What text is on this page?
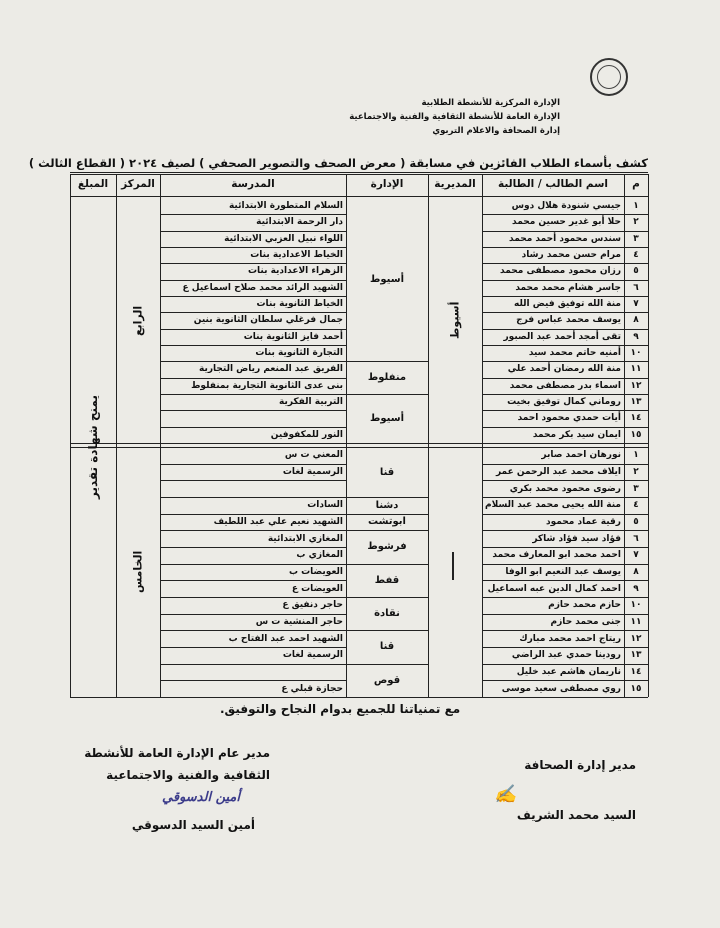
الإدارة المركزية للأنشطة الطلابية
الإدارة العامة للأنشطة الثقافية والفنية والاجتماعية
إدارة الصحافة والاعلام التربوي
كشف بأسماء الطلاب الفائزين في مسابقة ( معرض الصحف والتصوير الصحفي ) لصيف ٢٠٢٤ ( القطاع الثالث )
م
اسم الطالب / الطالبة
المديرية
الإدارة
المدرسة
المركز
المبلغ
١
جيسي شنودة هلال دوس
السلام المتطورة الابتدائية
٢
حلا أبو غدير حسين محمد
دار الرحمة الابتدائية
٣
سندس محمود أحمد محمد
اللواء نبيل العزبي الابتدائية
٤
مرام حسن محمد رشاد
الخياط الاعدادية بنات
٥
رزان محمود مصطفى محمد
الزهراء الاعدادية بنات
٦
جاسر هشام محمد محمد
الشهيد الرائد محمد صلاح اسماعيل ع
٧
منة الله توفيق فيض الله
الخياط الثانوية بنات
٨
يوسف محمد عباس فرج
جمال فرغلي سلطان الثانوية بنين
٩
تقى أمجد أحمد عبد الصبور
أحمد فايز الثانوية بنات
١٠
أمنيه حاتم محمد سيد
التجارة الثانوية بنات
١١
منة الله رمضان أحمد علي
الفريق عبد المنعم رياض التجارية
١٢
اسماء بدر مصطفى محمد
بنى عدى الثانوية التجارية بمنفلوط
١٣
روماني كمال توفيق بخيت
التربية الفكرية
١٤
أيات حمدي محمود احمد
١٥
ايمان سيد بكر محمد
النور للمكفوفين
١
نورهان احمد صابر
المعني ت س
٢
ايلاف محمد عبد الرحمن عمر
الرسمية لغات
٣
رضوى محمود محمد بكري
٤
منة الله يحيى محمد عبد السلام
السادات
٥
رقية عماد محمود
الشهيد نعيم علي عبد اللطيف
٦
فؤاد سيد فؤاد شاكر
المغازي الابتدائية
٧
احمد محمد ابو المعارف محمد
المغازي ب
٨
يوسف عبد النعيم ابو الوفا
العويضات ب
٩
احمد كمال الدين عبه اسماعيل
العويضات ع
١٠
حازم محمد حازم
حاجر دنفيق ع
١١
جنى محمد حازم
حاجر المنشية ت س
١٢
ريتاج احمد محمد مبارك
الشهيد احمد عبد الفتاح ب
١٣
رودينا حمدي عبد الراضي
الرسمية لغات
١٤
ناريمان هاشم عبد خليل
١٥
روي مصطفى سعيد موسى
حجازة قبلي ع
أسيوط
منفلوط
أسيوط
قنا
دشنا
ابوتشت
فرشوط
قفط
نقادة
قنا
قوص
أسيوط
الرابع
الخامس
يمنح شهادة تقدير
مع تمنياتنا للجميع بدوام النجاح والتوفيق.
مدير إدارة الصحافة
✍
السيد محمد الشريف
مدير عام الإدارة العامة للأنشطة
الثقافية والفنية والاجتماعية
أمين الدسوقي
أمين السيد الدسوقي
